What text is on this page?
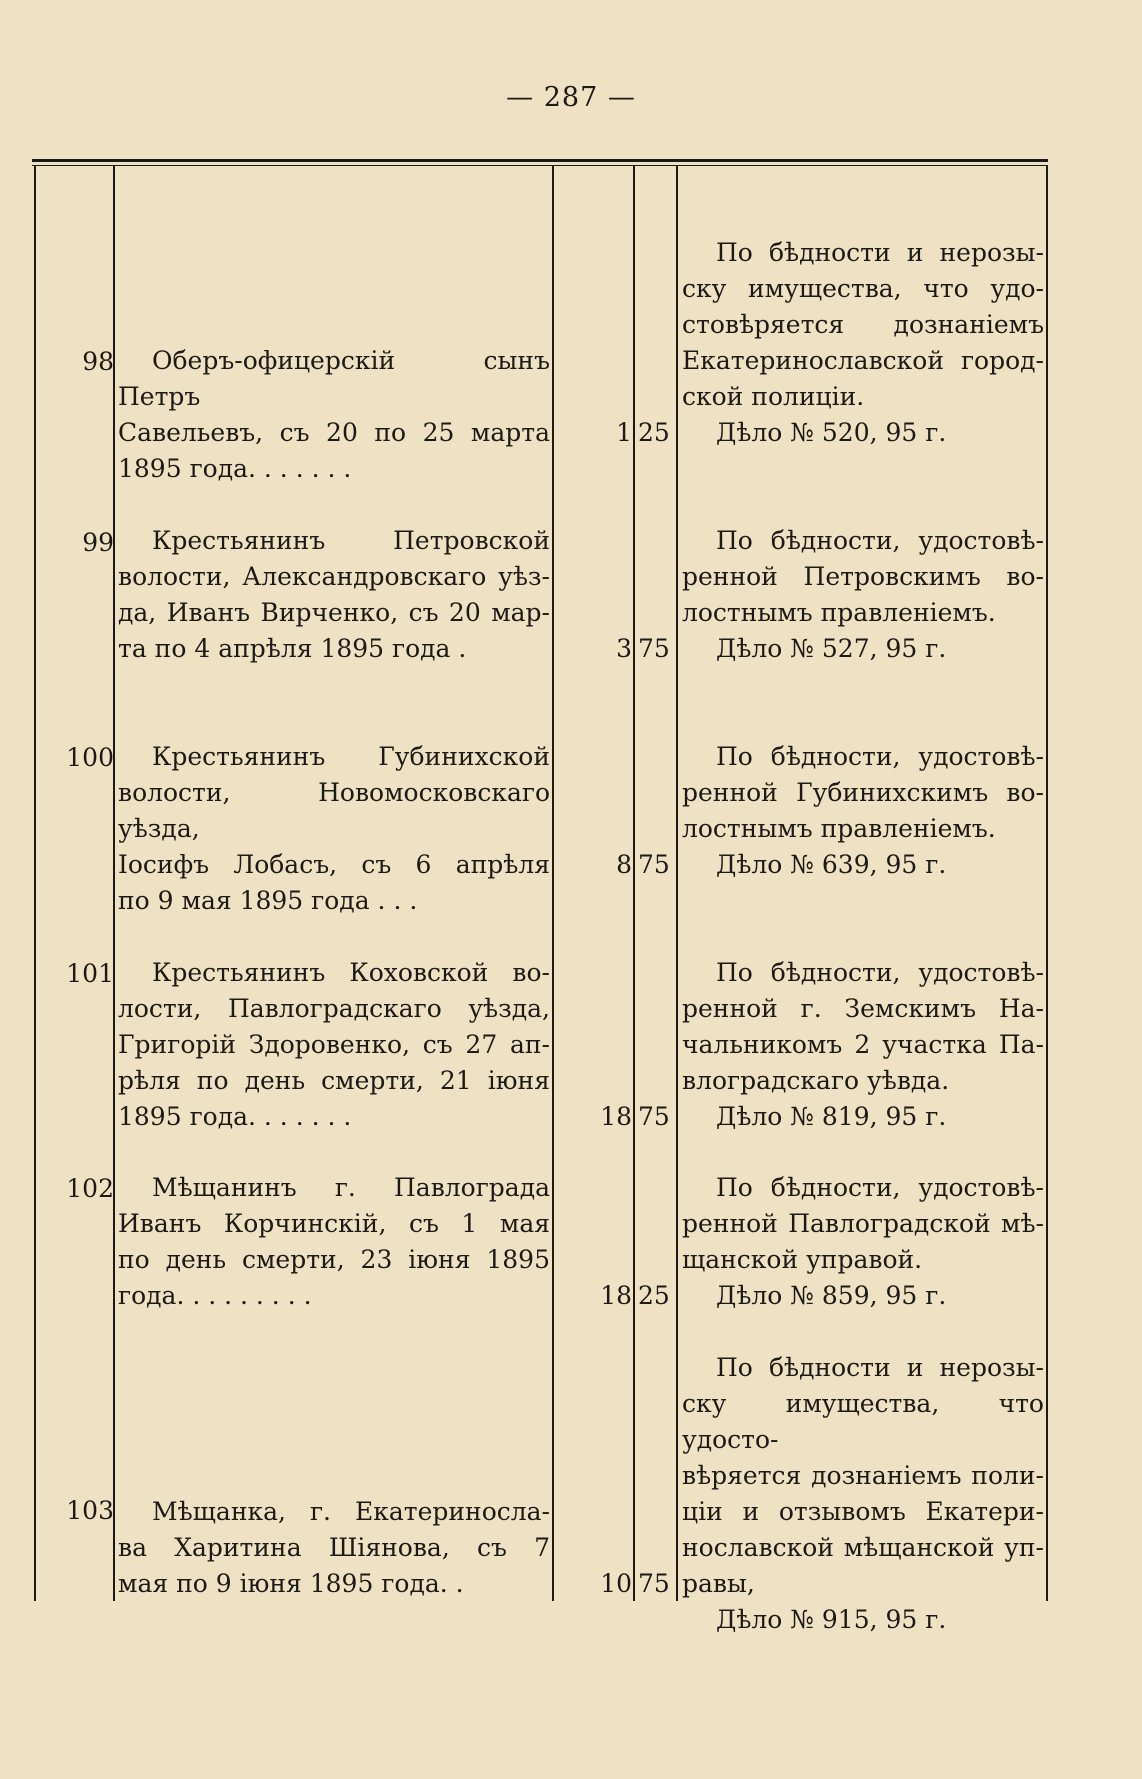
— 287 —
98	Оберъ-офицерскій сынъ Петръ

Савельевъ, съ 20 по 25 марта

1895 года. . . . . . .

1 25

По бѣдности и нерозы-

ску имущества, что удо-

стовѣряется дознаніемъ

Екатеринославской город-

ской полиціи.

Дѣло № 520, 95 г.

99	Крестьянинъ Петровской

волости, Александровскаго уѣз-

да, Иванъ Вирченко, съ 20 мар-

та по 4 апрѣля 1895 года .	3 75

По бѣдности, удостовѣ-

ренной Петровскимъ во-

лостнымъ правленіемъ.

Дѣло № 527, 95 г.

100	Крестьянинъ Губинихской

волости, Новомосковскаго уѣзда,

Іосифъ Лобасъ, съ 6 апрѣля

по 9 мая 1895 года . . .

8 75

По бѣдности, удостовѣ-

ренной Губинихскимъ во-

лостнымъ правленіемъ.

Дѣло № 639, 95 г.

101	Крестьянинъ Коховской во-

лости, Павлоградскаго уѣзда,

Григорій Здоровенко, съ 27 ап-

рѣля по день смерти, 21 іюня

1895 года. . . . . . .	18 75

По бѣдности, удостовѣ-

ренной г. Земскимъ На-

чальникомъ 2 участка Па-

влоградскаго уѣвда.

Дѣло № 819, 95 г.

102	Мѣщанинъ г. Павлограда

Иванъ Корчинскій, съ 1 мая

по день смерти, 23 іюня 1895

года. . . . . . . . .	18 25

По бѣдности, удостовѣ-

ренной Павлоградской мѣ-

щанской управой.

Дѣло № 859, 95 г.

103	Мѣщанка, г. Екатериносла-

ва Харитина Шіянова, съ 7

мая по 9 іюня 1895 года. .	10 75

По бѣдности и нерозы-

ску имущества, что удосто-

вѣряется дознаніемъ поли-

ціи и отзывомъ Екатери-

нославской мѣщанской уп-

равы,

Дѣло № 915, 95 г.
